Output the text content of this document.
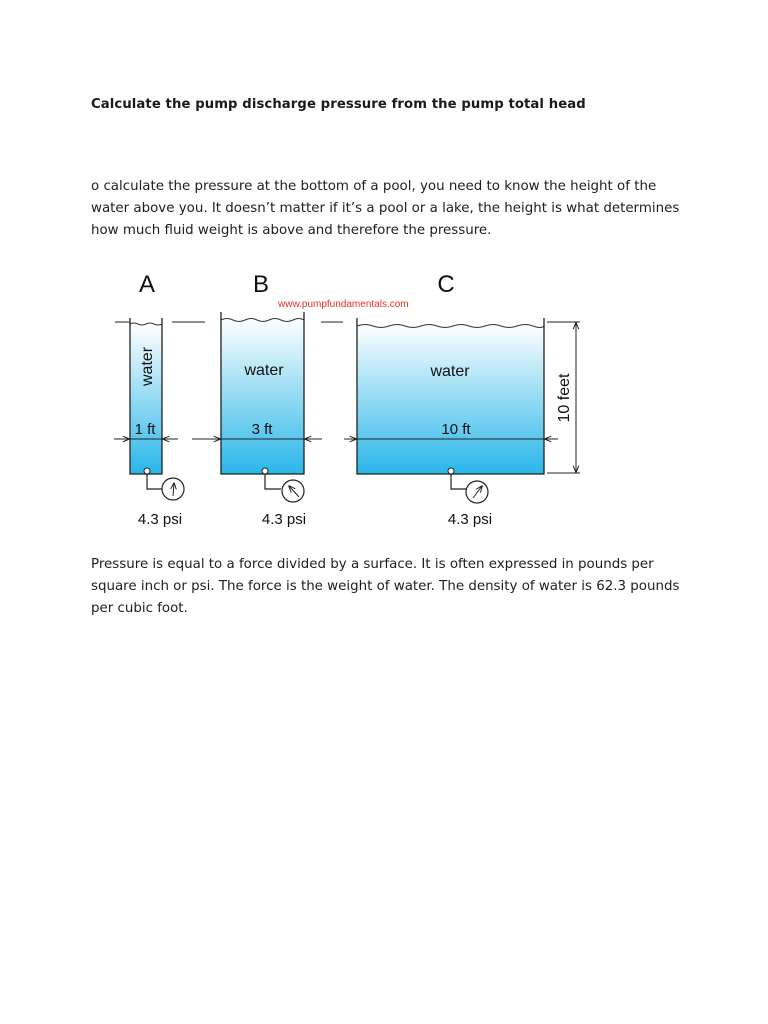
Calculate the pump discharge pressure from the pump total head

o calculate the pressure at the bottom of a pool, you need to know the height of the water above you. It doesn’t matter if it’s a pool or a lake, the height is what determines how much fluid weight is above and therefore the pressure.

A	B	C
www.pumpfundamentals.com
water
1 ft
4.3 psi
water
3 ft
4.3 psi
water
10 ft
4.3 psi
10 feet

Pressure is equal to a force divided by a surface. It is often expressed in pounds per square inch or psi. The force is the weight of water. The density of water is 62.3 pounds per cubic foot.
